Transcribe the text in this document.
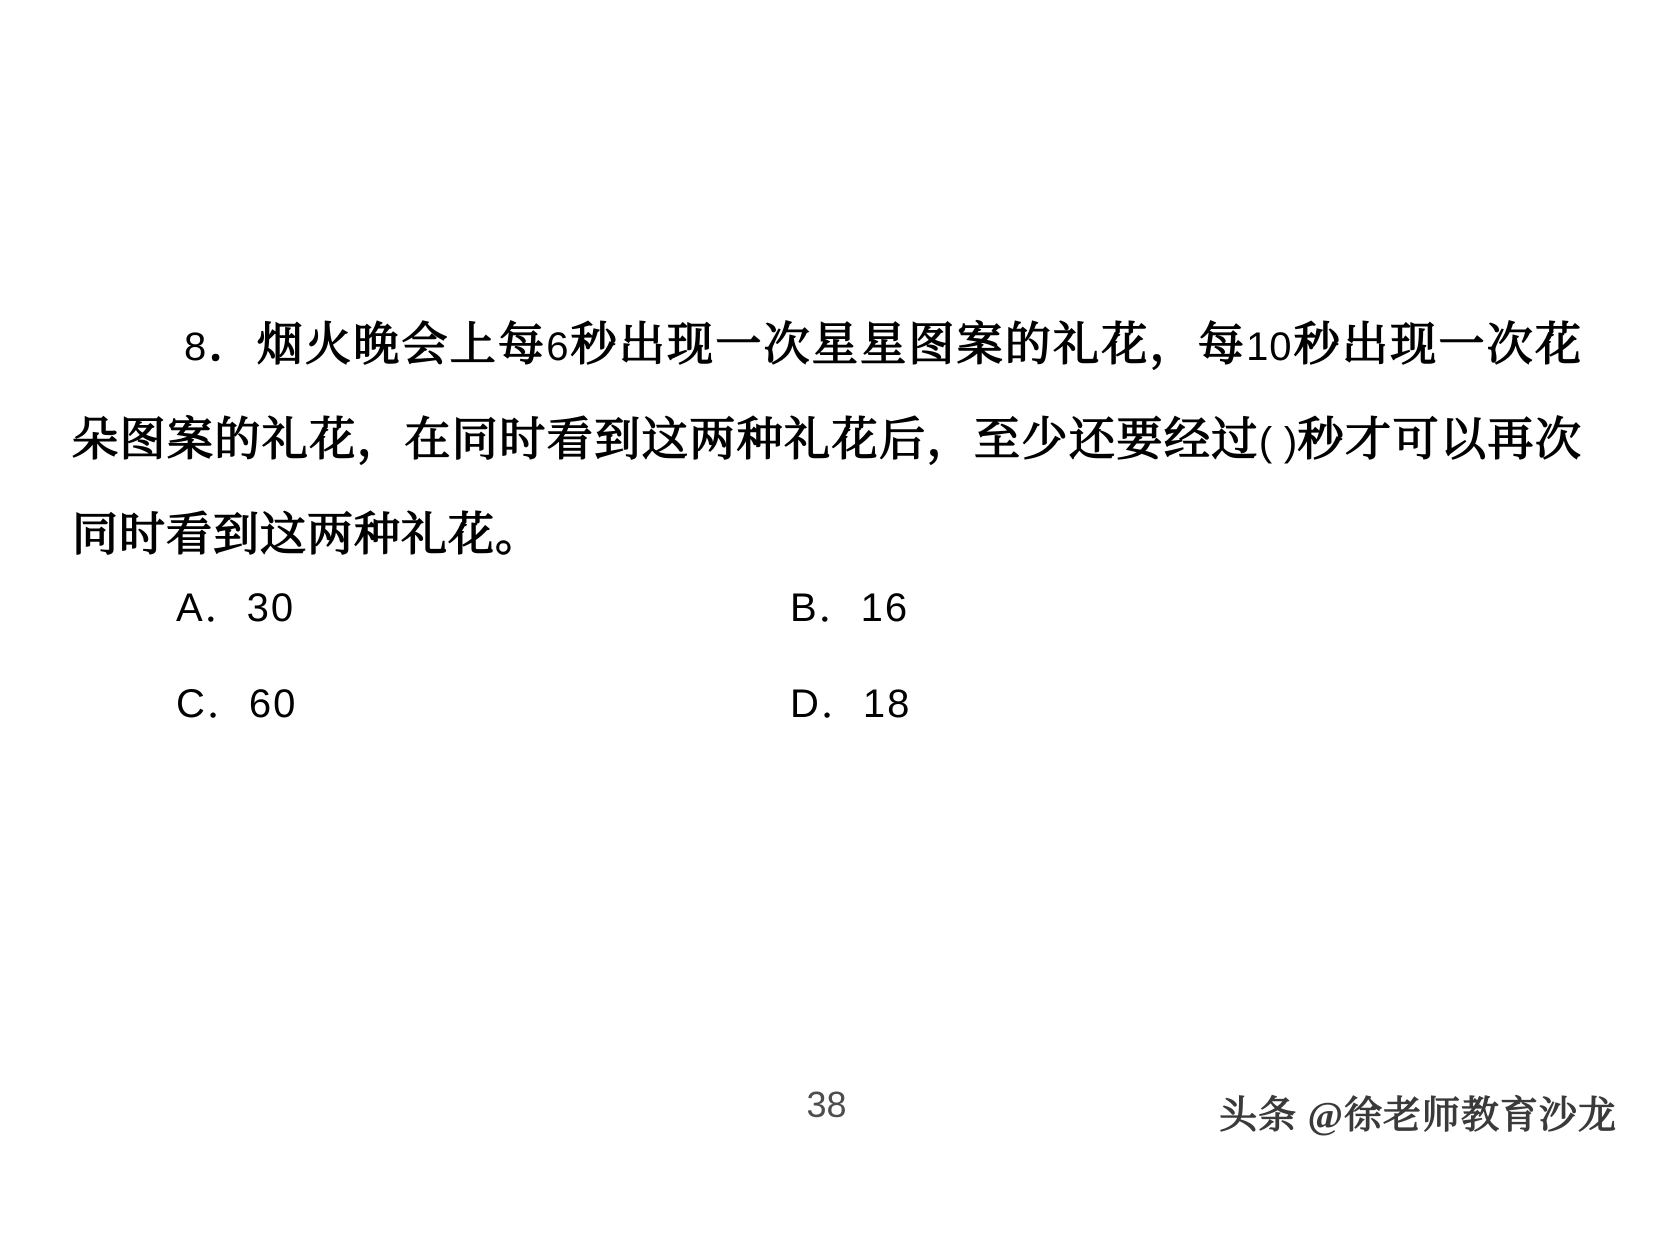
8．烟火晚会上每6秒出现一次星星图案的礼花，每10秒出现一次花朵图案的礼花，在同时看到这两种礼花后，至少还要经过( )秒才可以再次同时看到这两种礼花。

A．30	B．16
C．60	D．18
38	头条 @徐老师教育沙龙
